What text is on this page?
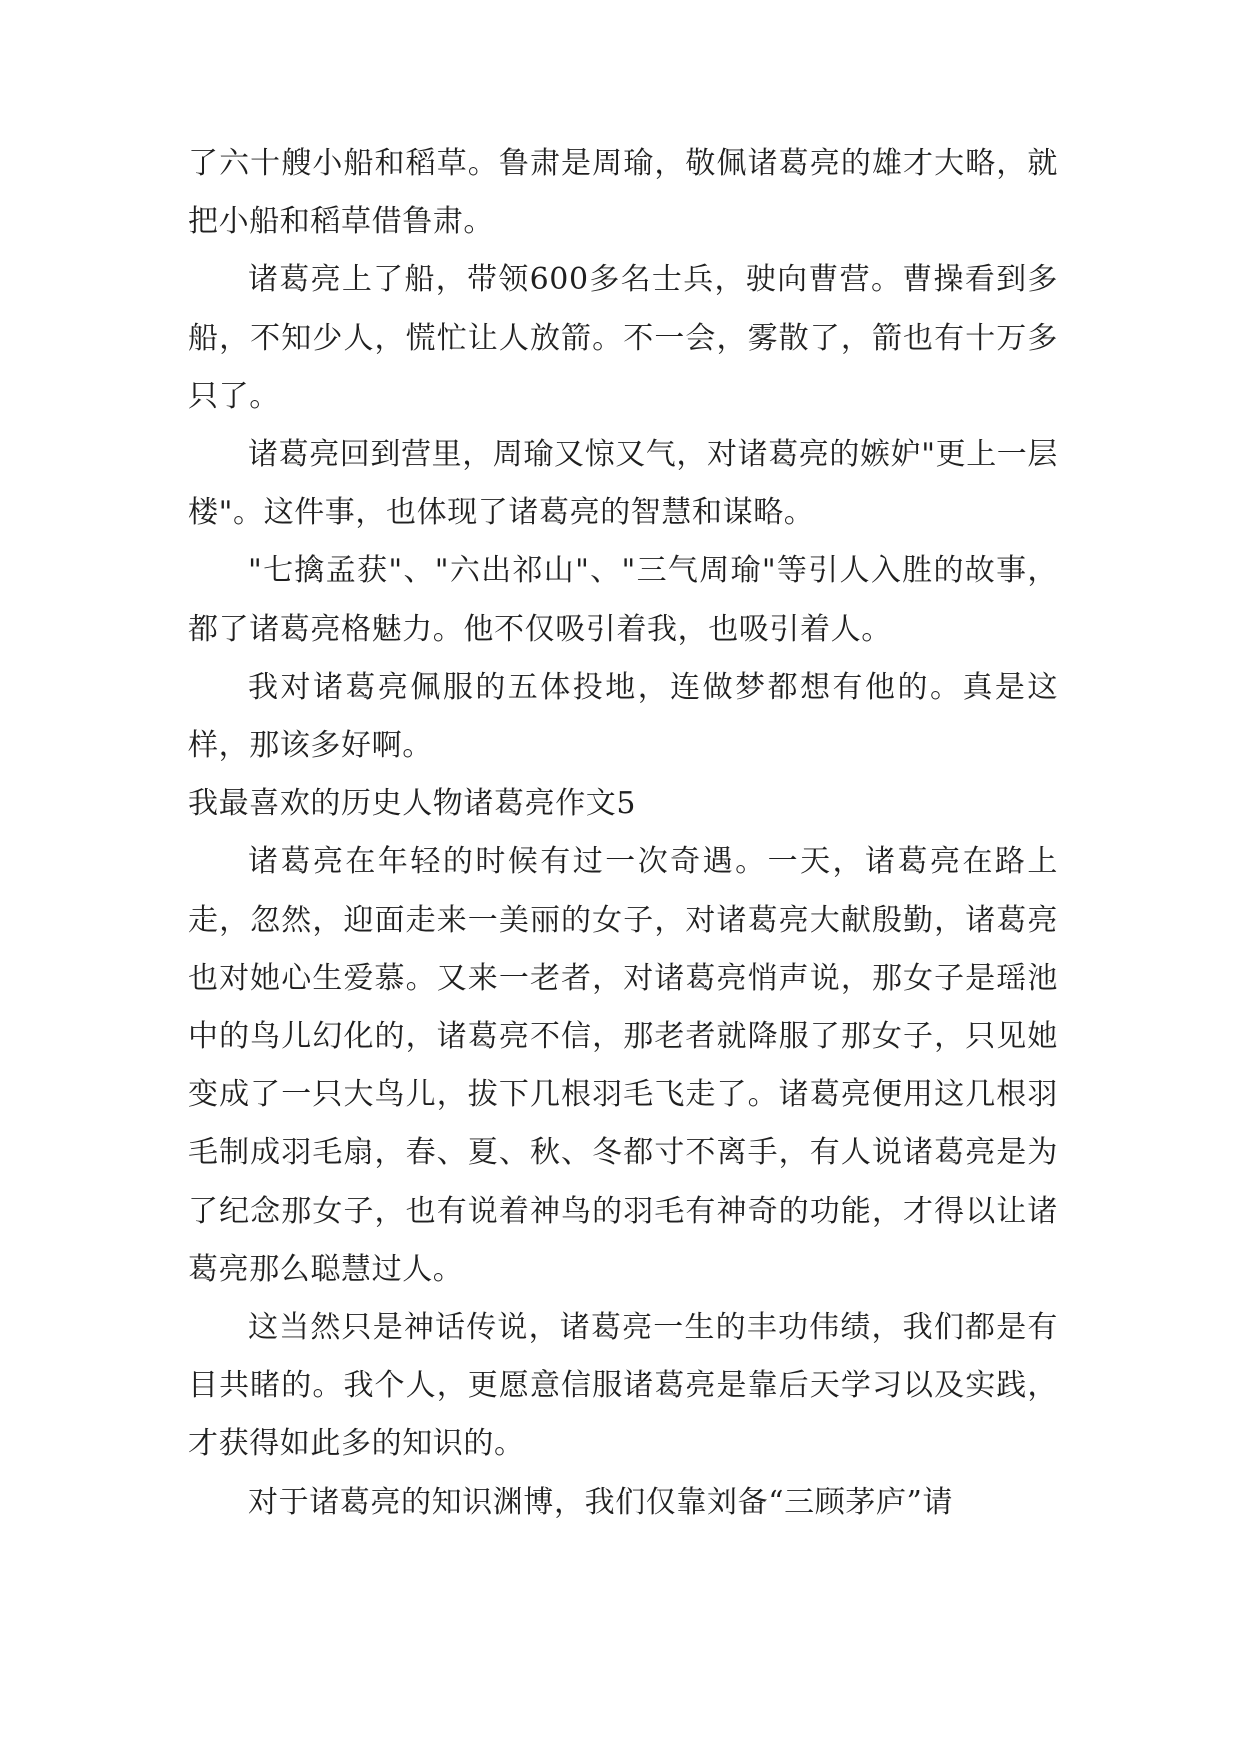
了六十艘小船和稻草。鲁肃是周瑜，敬佩诸葛亮的雄才大略，就把小船和稻草借鲁肃。

诸葛亮上了船，带领600多名士兵，驶向曹营。曹操看到多船，不知少人，慌忙让人放箭。不一会，雾散了，箭也有十万多只了。

诸葛亮回到营里，周瑜又惊又气，对诸葛亮的嫉妒"更上一层楼"。这件事，也体现了诸葛亮的智慧和谋略。

"七擒孟获"、"六出祁山"、"三气周瑜"等引人入胜的故事，都了诸葛亮格魅力。他不仅吸引着我，也吸引着人。

我对诸葛亮佩服的五体投地，连做梦都想有他的。真是这样，那该多好啊。

我最喜欢的历史人物诸葛亮作文5

诸葛亮在年轻的时候有过一次奇遇。一天，诸葛亮在路上走，忽然，迎面走来一美丽的女子，对诸葛亮大献殷勤，诸葛亮也对她心生爱慕。又来一老者，对诸葛亮悄声说，那女子是瑶池中的鸟儿幻化的，诸葛亮不信，那老者就降服了那女子，只见她变成了一只大鸟儿，拔下几根羽毛飞走了。诸葛亮便用这几根羽毛制成羽毛扇，春、夏、秋、冬都寸不离手，有人说诸葛亮是为了纪念那女子，也有说着神鸟的羽毛有神奇的功能，才得以让诸葛亮那么聪慧过人。

这当然只是神话传说，诸葛亮一生的丰功伟绩，我们都是有目共睹的。我个人，更愿意信服诸葛亮是靠后天学习以及实践，才获得如此多的知识的。

对于诸葛亮的知识渊博，我们仅靠刘备“三顾茅庐”请
